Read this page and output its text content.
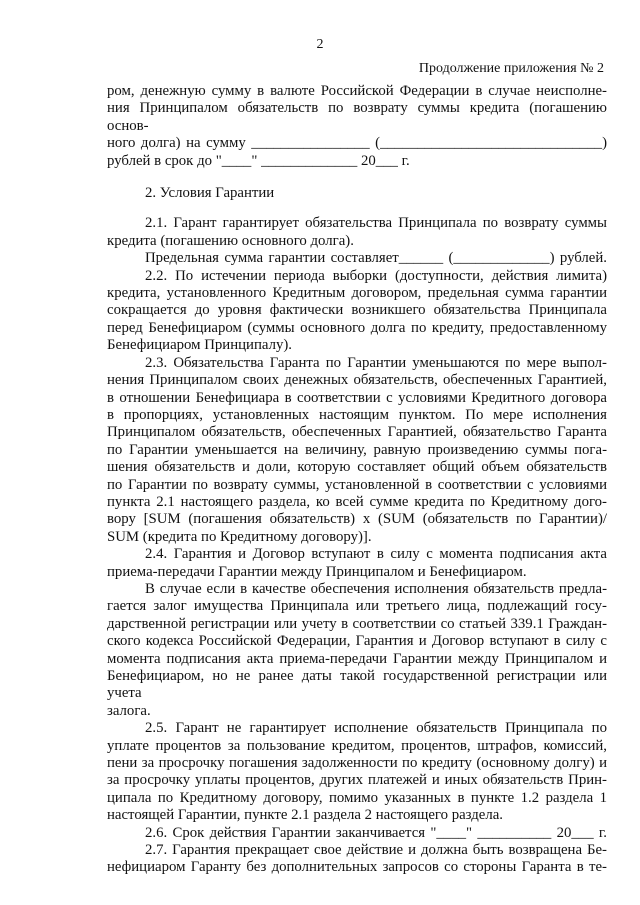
2
Продолжение приложения № 2

ром, денежную сумму в валюте Российской Федерации в случае неисполне-

ния Принципалом обязательств по возврату суммы кредита (погашению основ-

ного долга) на сумму ________________ (______________________________)

рублей в срок до "____" _____________ 20___ г.

2. Условия Гарантии

2.1. Гарант гарантирует обязательства Принципала по возврату суммы

кредита (погашению основного долга).

Предельная сумма гарантии составляет______ (_____________) рублей.

2.2. По истечении периода выборки (доступности, действия лимита)

кредита, установленного Кредитным договором, предельная сумма гарантии

сокращается до уровня фактически возникшего обязательства Принципала

перед Бенефициаром (суммы основного долга по кредиту, предоставленному

Бенефициаром Принципалу).

2.3. Обязательства Гаранта по Гарантии уменьшаются по мере выпол-

нения Принципалом своих денежных обязательств, обеспеченных Гарантией,

в отношении Бенефициара в соответствии с условиями Кредитного договора

в пропорциях, установленных настоящим пунктом. По мере исполнения

Принципалом обязательств, обеспеченных Гарантией, обязательство Гаранта

по Гарантии уменьшается на величину, равную произведению суммы пога-

шения обязательств и доли, которую составляет общий объем обязательств

по Гарантии по возврату суммы, установленной в соответствии с условиями

пункта 2.1 настоящего раздела, ко всей сумме кредита по Кредитному дого-

вору [SUM (погашения обязательств) x (SUM (обязательств по Гарантии)/

SUM (кредита по Кредитному договору)].

2.4. Гарантия и Договор вступают в силу с момента подписания акта

приема-передачи Гарантии между Принципалом и Бенефициаром.

В случае если в качестве обеспечения исполнения обязательств предла-

гается залог имущества Принципала или третьего лица, подлежащий госу-

дарственной регистрации или учету в соответствии со статьей 339.1 Граждан-

ского кодекса Российской Федерации, Гарантия и Договор вступают в силу с

момента подписания акта приема-передачи Гарантии между Принципалом и

Бенефициаром, но не ранее даты такой государственной регистрации или учета

залога.

2.5. Гарант не гарантирует исполнение обязательств Принципала по

уплате процентов за пользование кредитом, процентов, штрафов, комиссий,

пени за просрочку погашения задолженности по кредиту (основному долгу) и

за просрочку уплаты процентов, других платежей и иных обязательств Прин-

ципала по Кредитному договору, помимо указанных в пункте 1.2 раздела 1

настоящей Гарантии, пункте 2.1 раздела 2 настоящего раздела.

2.6. Срок действия Гарантии заканчивается "____" __________ 20___ г.

2.7. Гарантия прекращает свое действие и должна быть возвращена Бе-

нефициаром Гаранту без дополнительных запросов со стороны Гаранта в те-
